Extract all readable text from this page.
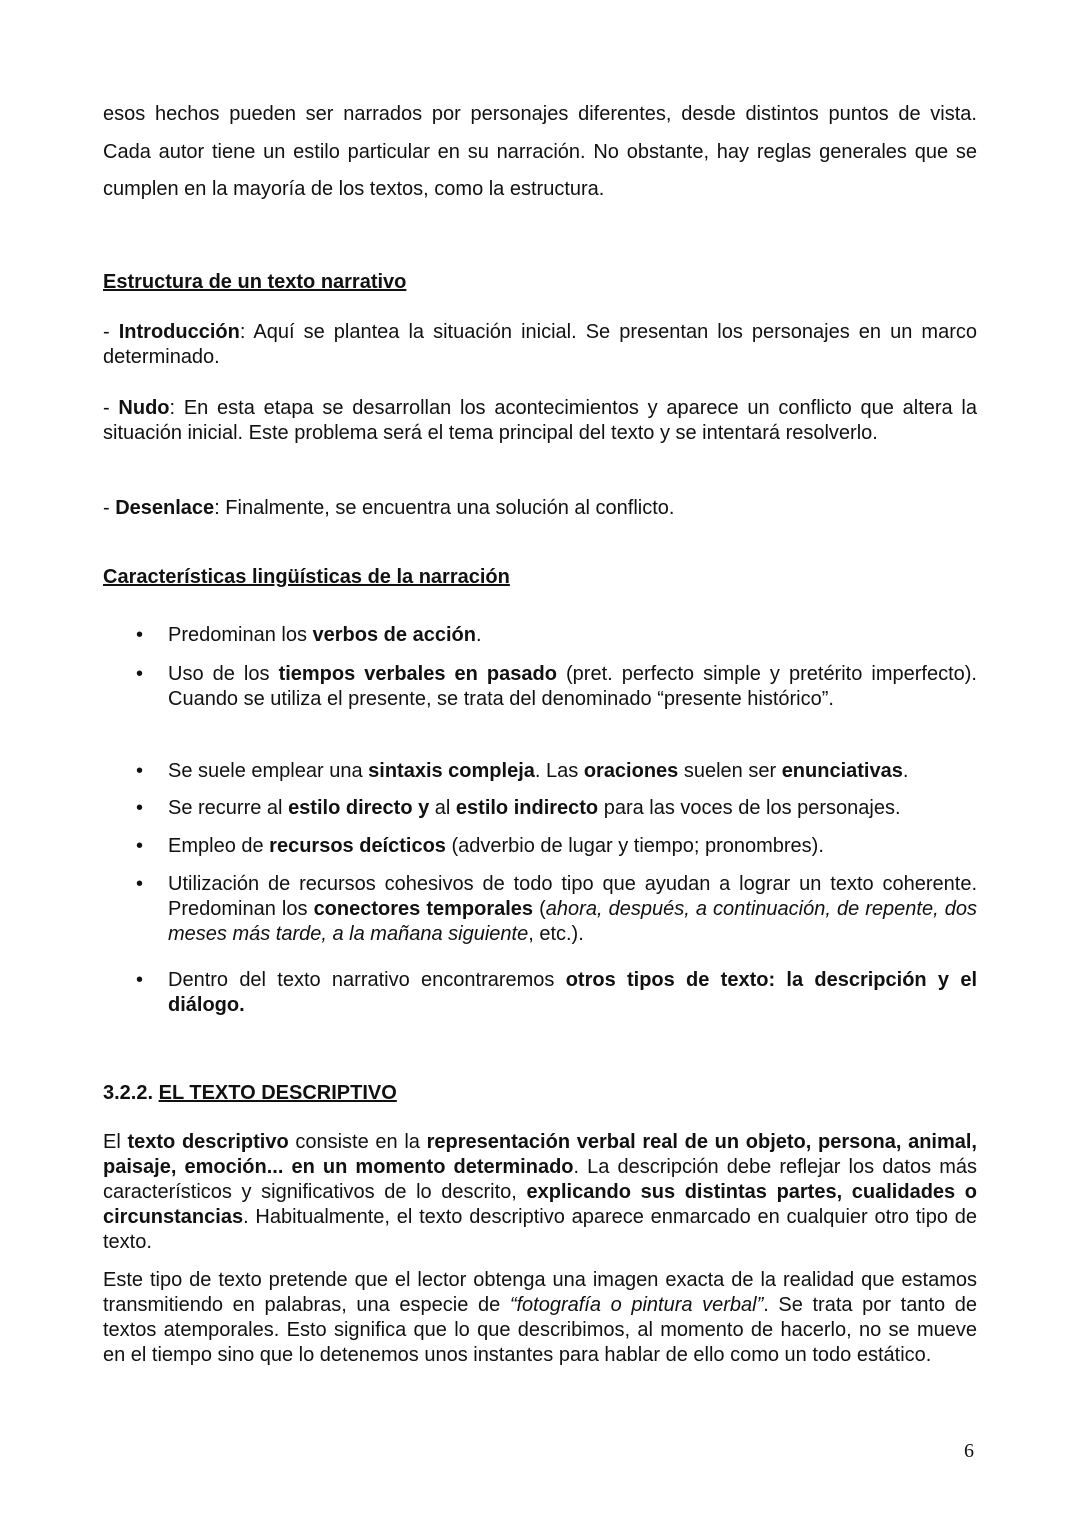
esos hechos pueden ser narrados por personajes diferentes, desde distintos puntos de vista. Cada autor tiene un estilo particular en su narración. No obstante, hay reglas generales que se cumplen en la mayoría de los textos, como la estructura.
Estructura de un texto narrativo
- Introducción: Aquí se plantea la situación inicial. Se presentan los personajes en un marco determinado.
- Nudo: En esta etapa se desarrollan los acontecimientos y aparece un conflicto que altera la situación inicial. Este problema será el tema principal del texto y se intentará resolverlo.
- Desenlace: Finalmente, se encuentra una solución al conflicto.
Características lingüísticas de la narración
• Predominan los verbos de acción.
• Uso de los tiempos verbales en pasado (pret. perfecto simple y pretérito imperfecto). Cuando se utiliza el presente, se trata del denominado “presente histórico”.
• Se suele emplear una sintaxis compleja. Las oraciones suelen ser enunciativas.
• Se recurre al estilo directo y al estilo indirecto para las voces de los personajes.
• Empleo de recursos deícticos (adverbio de lugar y tiempo; pronombres).
• Utilización de recursos cohesivos de todo tipo que ayudan a lograr un texto coherente. Predominan los conectores temporales (ahora, después, a continuación, de repente, dos meses más tarde, a la mañana siguiente, etc.).
• Dentro del texto narrativo encontraremos otros tipos de texto: la descripción y el diálogo.
3.2.2. EL TEXTO DESCRIPTIVO
El texto descriptivo consiste en la representación verbal real de un objeto, persona, animal, paisaje, emoción... en un momento determinado. La descripción debe reflejar los datos más característicos y significativos de lo descrito, explicando sus distintas partes, cualidades o circunstancias. Habitualmente, el texto descriptivo aparece enmarcado en cualquier otro tipo de texto.
Este tipo de texto pretende que el lector obtenga una imagen exacta de la realidad que estamos transmitiendo en palabras, una especie de “fotografía o pintura verbal”. Se trata por tanto de textos atemporales. Esto significa que lo que describimos, al momento de hacerlo, no se mueve en el tiempo sino que lo detenemos unos instantes para hablar de ello como un todo estático.
6
